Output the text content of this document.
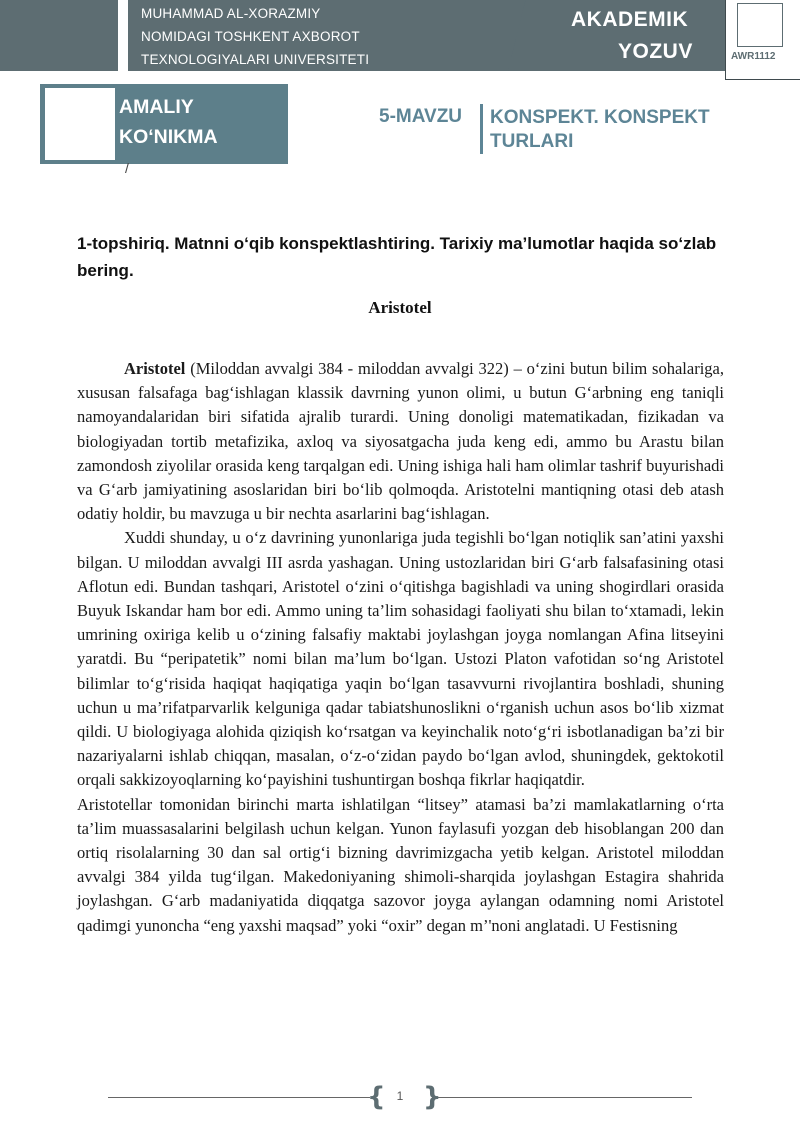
MUHAMMAD AL-XORAZMIY
NOMIDAGI TOSHKENT AXBOROT
TEXNOLOGIYALARI UNIVERSITETI
AKADEMIK
YOZUV	AWR1112
AMALIY
KO‘NIKMA
/
5-MAVZU KONSPEKT. KONSPEKT TURLARI
1-topshiriq. Matnni o‘qib konspektlashtiring. Tarixiy ma’lumotlar haqida so‘zlab bering.
Aristotel

Aristotel (Miloddan avvalgi 384 - miloddan avvalgi 322) – o‘zini butun bilim sohalariga, xususan falsafaga bag‘ishlagan klassik davrning yunon olimi, u butun G‘arbning eng taniqli namoyandalaridan biri sifatida ajralib turardi. Uning donoligi matematikadan, fizikadan va biologiyadan tortib metafizika, axloq va siyosatgacha juda keng edi, ammo bu Arastu bilan zamondosh ziyolilar orasida keng tarqalgan edi. Uning ishiga hali ham olimlar tashrif buyurishadi va G‘arb jamiyatining asoslaridan biri bo‘lib qolmoqda. Aristotelni mantiqning otasi deb atash odatiy holdir, bu mavzuga u bir nechta asarlarini bag‘ishlagan.

Xuddi shunday, u o‘z davrining yunonlariga juda tegishli bo‘lgan notiqlik san’atini yaxshi bilgan. U miloddan avvalgi III asrda yashagan. Uning ustozlaridan biri G‘arb falsafasining otasi Aflotun edi. Bundan tashqari, Aristotel o‘zini o‘qitishga bagishladi va uning shogirdlari orasida Buyuk Iskandar ham bor edi. Ammo uning ta’lim sohasidagi faoliyati shu bilan to‘xtamadi, lekin umrining oxiriga kelib u o‘zining falsafiy maktabi joylashgan joyga nomlangan Afina litseyini yaratdi. Bu “peripatetik” nomi bilan ma’lum bo‘lgan. Ustozi Platon vafotidan so‘ng Aristotel bilimlar to‘g‘risida haqiqat haqiqatiga yaqin bo‘lgan tasavvurni rivojlantira boshladi, shuning uchun u ma’rifatparvarlik kelguniga qadar tabiatshunoslikni o‘rganish uchun asos bo‘lib xizmat qildi. U biologiyaga alohida qiziqish ko‘rsatgan va keyinchalik noto‘g‘ri isbotlanadigan ba’zi bir nazariyalarni ishlab chiqqan, masalan, o‘z-o‘zidan paydo bo‘lgan avlod, shuningdek, gektokotil orqali sakkizoyoqlarning ko‘payishini tushuntirgan boshqa fikrlar haqiqatdir.

Aristotellar tomonidan birinchi marta ishlatilgan “litsey” atamasi ba’zi mamlakatlarning o‘rta ta’lim muassasalarini belgilash uchun kelgan. Yunon faylasufi yozgan deb hisoblangan 200 dan ortiq risolalarning 30 dan sal ortig‘i bizning davrimizgacha yetib kelgan. Aristotel miloddan avvalgi 384 yilda tug‘ilgan. Makedoniyaning shimoli-sharqida joylashgan Estagira shahrida joylashgan. G‘arb madaniyatida diqqatga sazovor joyga aylangan odamning nomi Aristotel qadimgi yunoncha “eng yaxshi maqsad” yoki “oxir” degan m’'noni anglatadi. U Festisning

{ }
1
